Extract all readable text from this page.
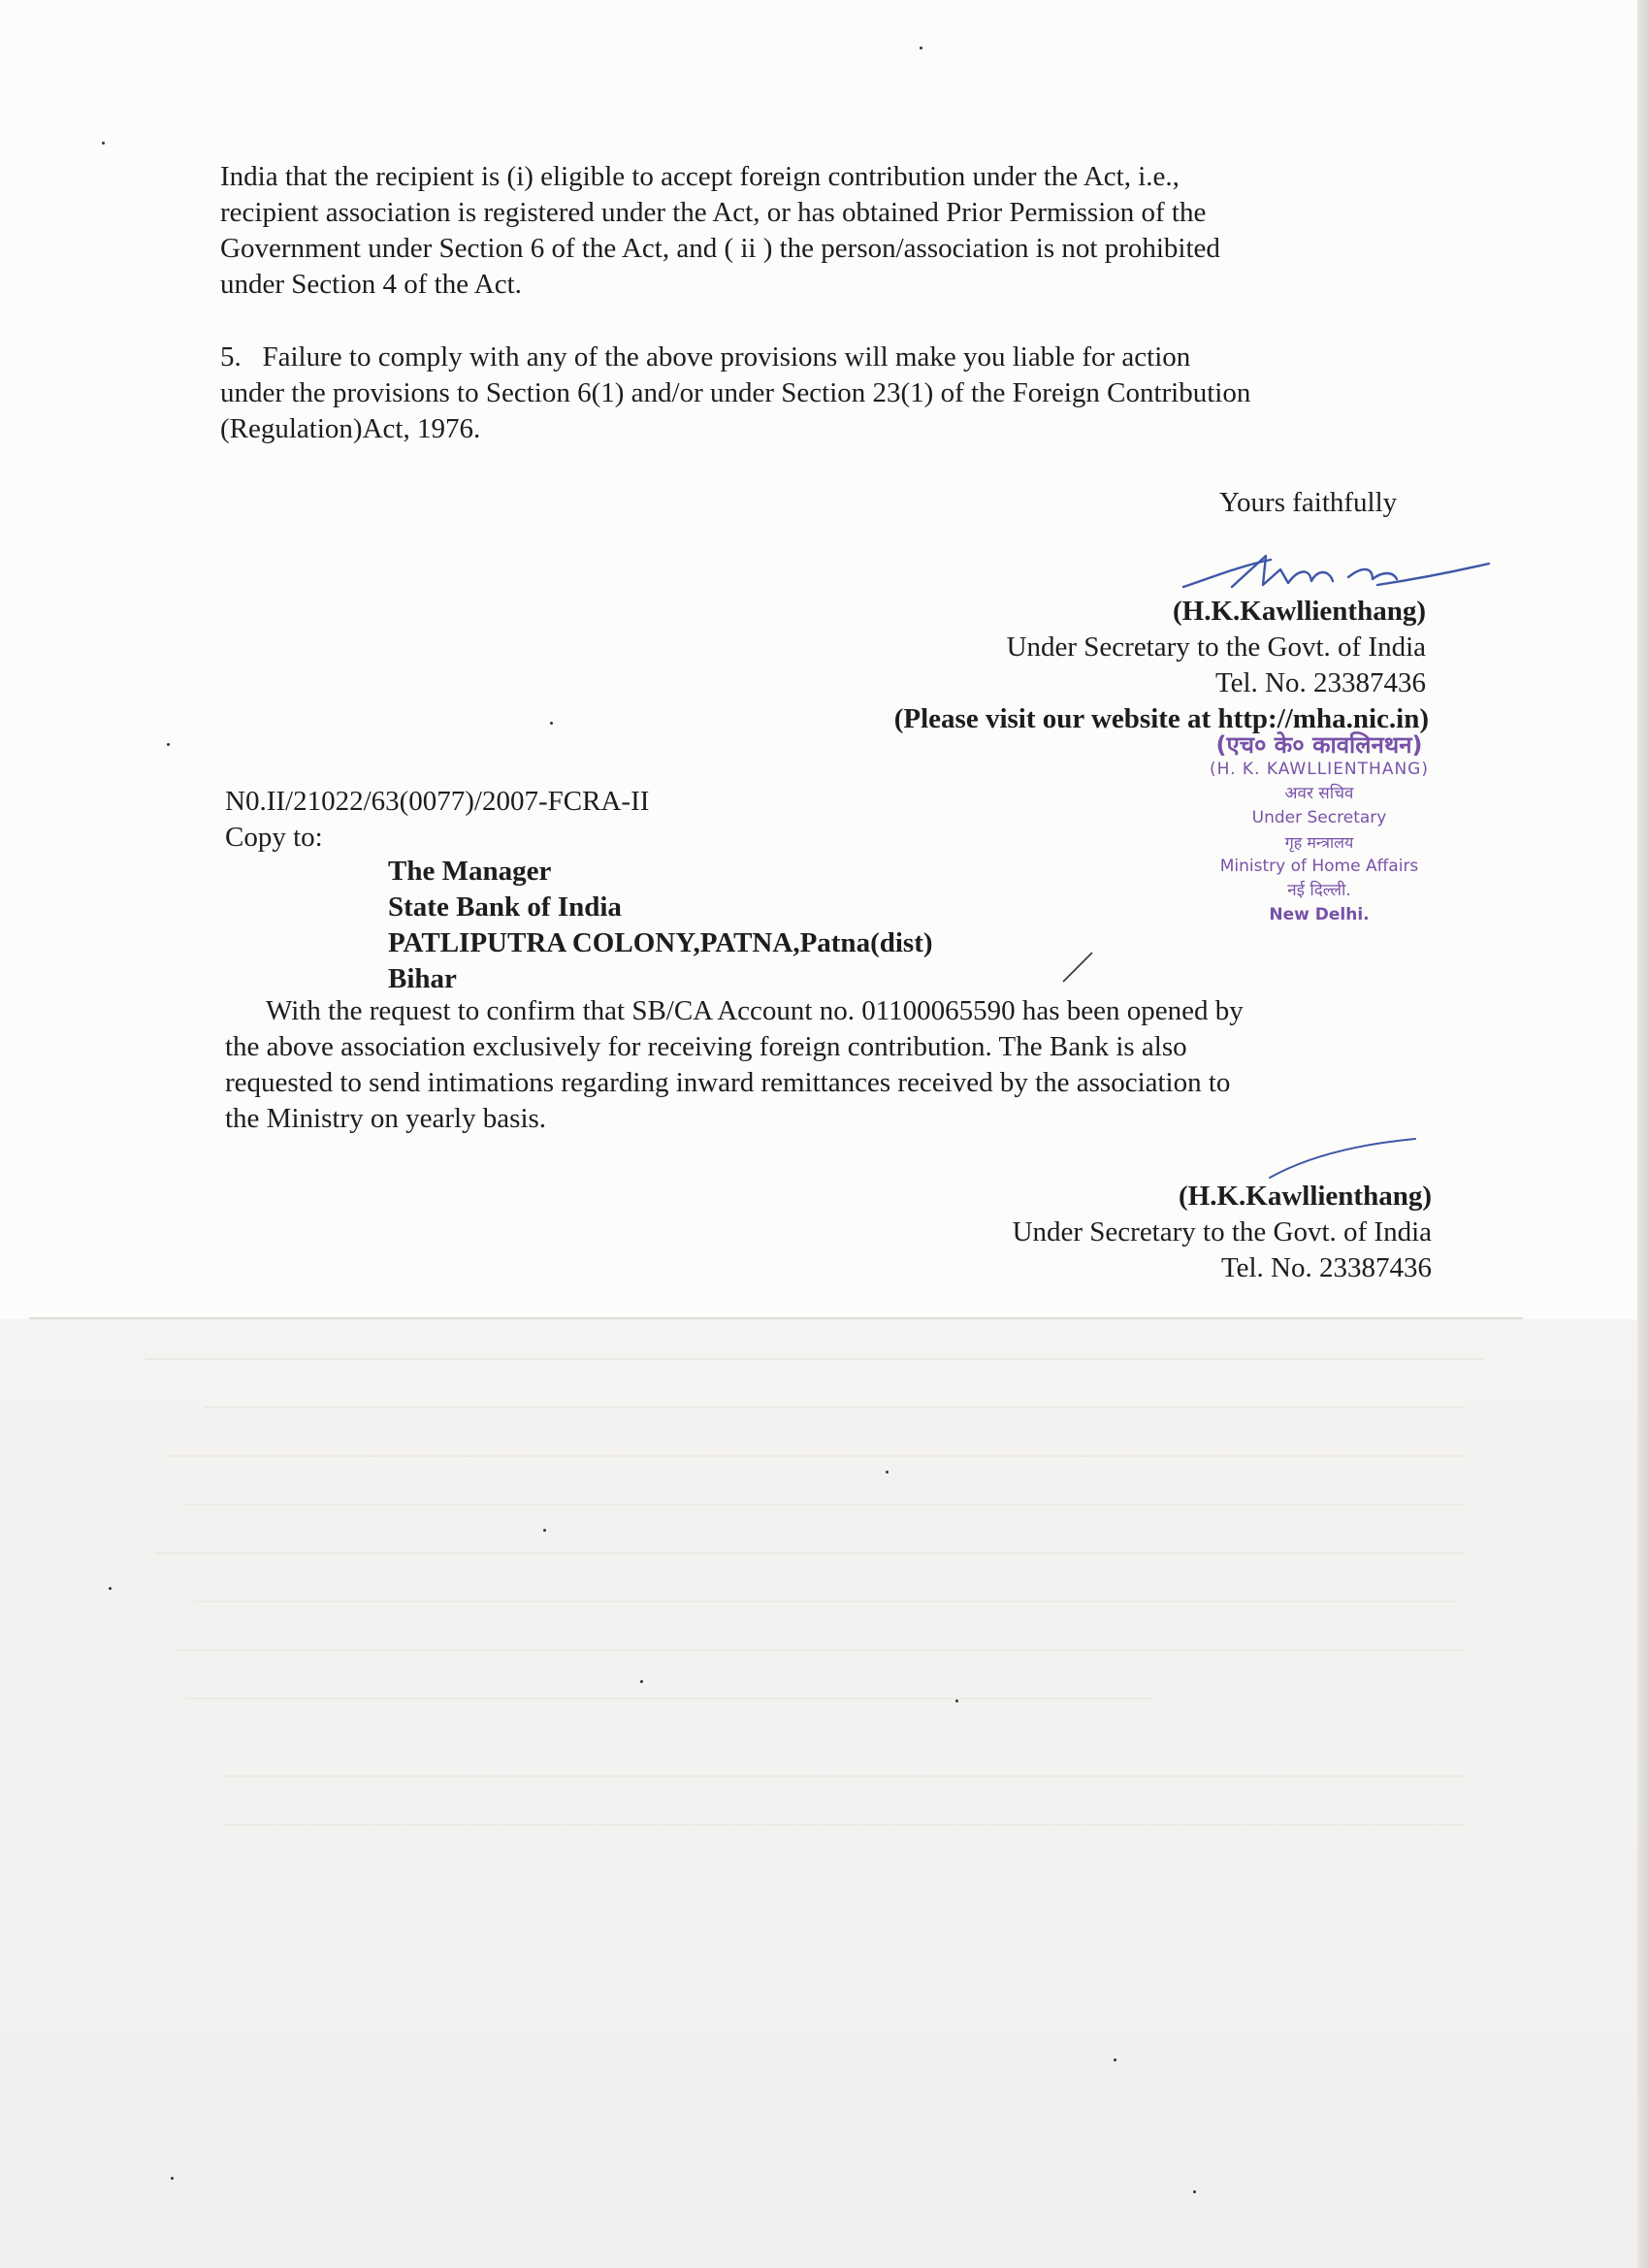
India that the recipient is (i) eligible to accept foreign contribution under the Act, i.e.,
recipient association is registered under the Act, or has obtained Prior Permission of the
Government under Section 6 of the Act, and ( ii ) the person/association is not prohibited
under Section 4 of the Act.
5.   Failure to comply with any of the above provisions will make you liable for action
under the provisions to Section 6(1) and/or under Section 23(1) of the Foreign Contribution
(Regulation)Act, 1976.
Yours faithfully
(H.K.Kawllienthang)
Under Secretary to the Govt. of India
Tel. No. 23387436
(Please visit our website at http://mha.nic.in)
(एच० के० कावलिनथन)
(H. K. KAWLLIENTHANG)
अवर सचिव
Under Secretary
गृह मन्त्रालय
Ministry of Home Affairs
नई दिल्ली.
New Delhi.
N0.II/21022/63(0077)/2007-FCRA-II
Copy to:
The Manager
State Bank of India
PATLIPUTRA COLONY,PATNA,Patna(dist)
Bihar
With the request to confirm that SB/CA Account no. 01100065590 has been opened by
the above association exclusively for receiving foreign contribution. The Bank is also
requested to send intimations regarding inward remittances received by the association to
the Ministry on yearly basis.
(H.K.Kawllienthang)
Under Secretary to the Govt. of India
Tel. No. 23387436
